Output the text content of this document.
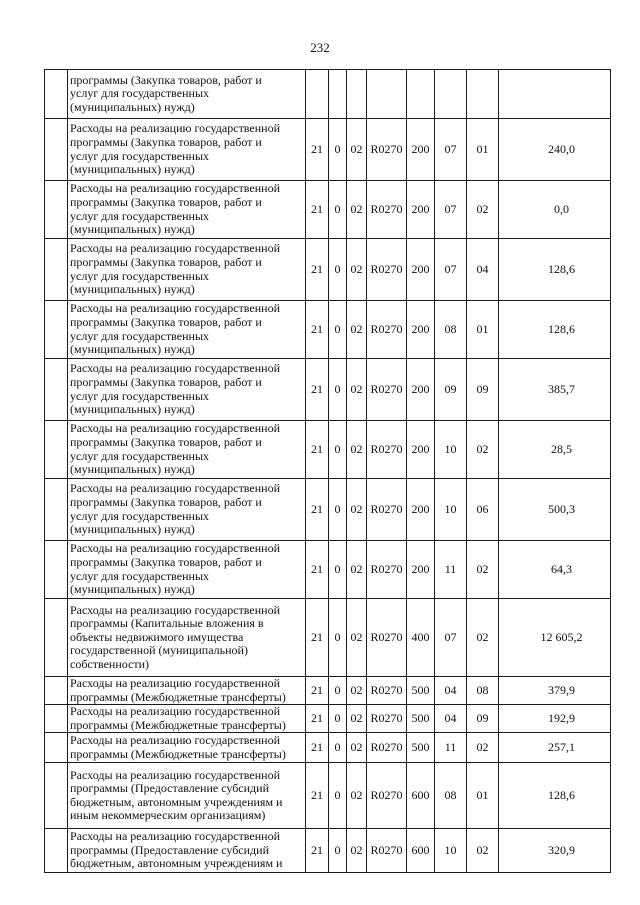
232

	программы (Закупка товаров, работ и
услуг для государственных
(муниципальных) нужд)								

	Расходы на реализацию государственной
программы (Закупка товаров, работ и
услуг для государственных
(муниципальных) нужд)	21	0	02	R0270	200	07	01	240,0

	Расходы на реализацию государственной
программы (Закупка товаров, работ и
услуг для государственных
(муниципальных) нужд)	21	0	02	R0270	200	07	02	0,0

	Расходы на реализацию государственной
программы (Закупка товаров, работ и
услуг для государственных
(муниципальных) нужд)	21	0	02	R0270	200	07	04	128,6

	Расходы на реализацию государственной
программы (Закупка товаров, работ и
услуг для государственных
(муниципальных) нужд)	21	0	02	R0270	200	08	01	128,6

	Расходы на реализацию государственной
программы (Закупка товаров, работ и
услуг для государственных
(муниципальных) нужд)	21	0	02	R0270	200	09	09	385,7

	Расходы на реализацию государственной
программы (Закупка товаров, работ и
услуг для государственных
(муниципальных) нужд)	21	0	02	R0270	200	10	02	28,5

	Расходы на реализацию государственной
программы (Закупка товаров, работ и
услуг для государственных
(муниципальных) нужд)	21	0	02	R0270	200	10	06	500,3

	Расходы на реализацию государственной
программы (Закупка товаров, работ и
услуг для государственных
(муниципальных) нужд)	21	0	02	R0270	200	11	02	64,3

	Расходы на реализацию государственной
программы (Капитальные вложения в
объекты недвижимого имущества
государственной (муниципальной)
собственности)	21	0	02	R0270	400	07	02	12 605,2

	Расходы на реализацию государственной
программы (Межбюджетные трансферты)	21	0	02	R0270	500	04	08	379,9

	Расходы на реализацию государственной
программы (Межбюджетные трансферты)	21	0	02	R0270	500	04	09	192,9

	Расходы на реализацию государственной
программы (Межбюджетные трансферты)	21	0	02	R0270	500	11	02	257,1

	Расходы на реализацию государственной
программы (Предоставление субсидий
бюджетным, автономным учреждениям и
иным некоммерческим организациям)	21	0	02	R0270	600	08	01	128,6

	Расходы на реализацию государственной
программы (Предоставление субсидий
бюджетным, автономным учреждениям и	21	0	02	R0270	600	10	02	320,9
